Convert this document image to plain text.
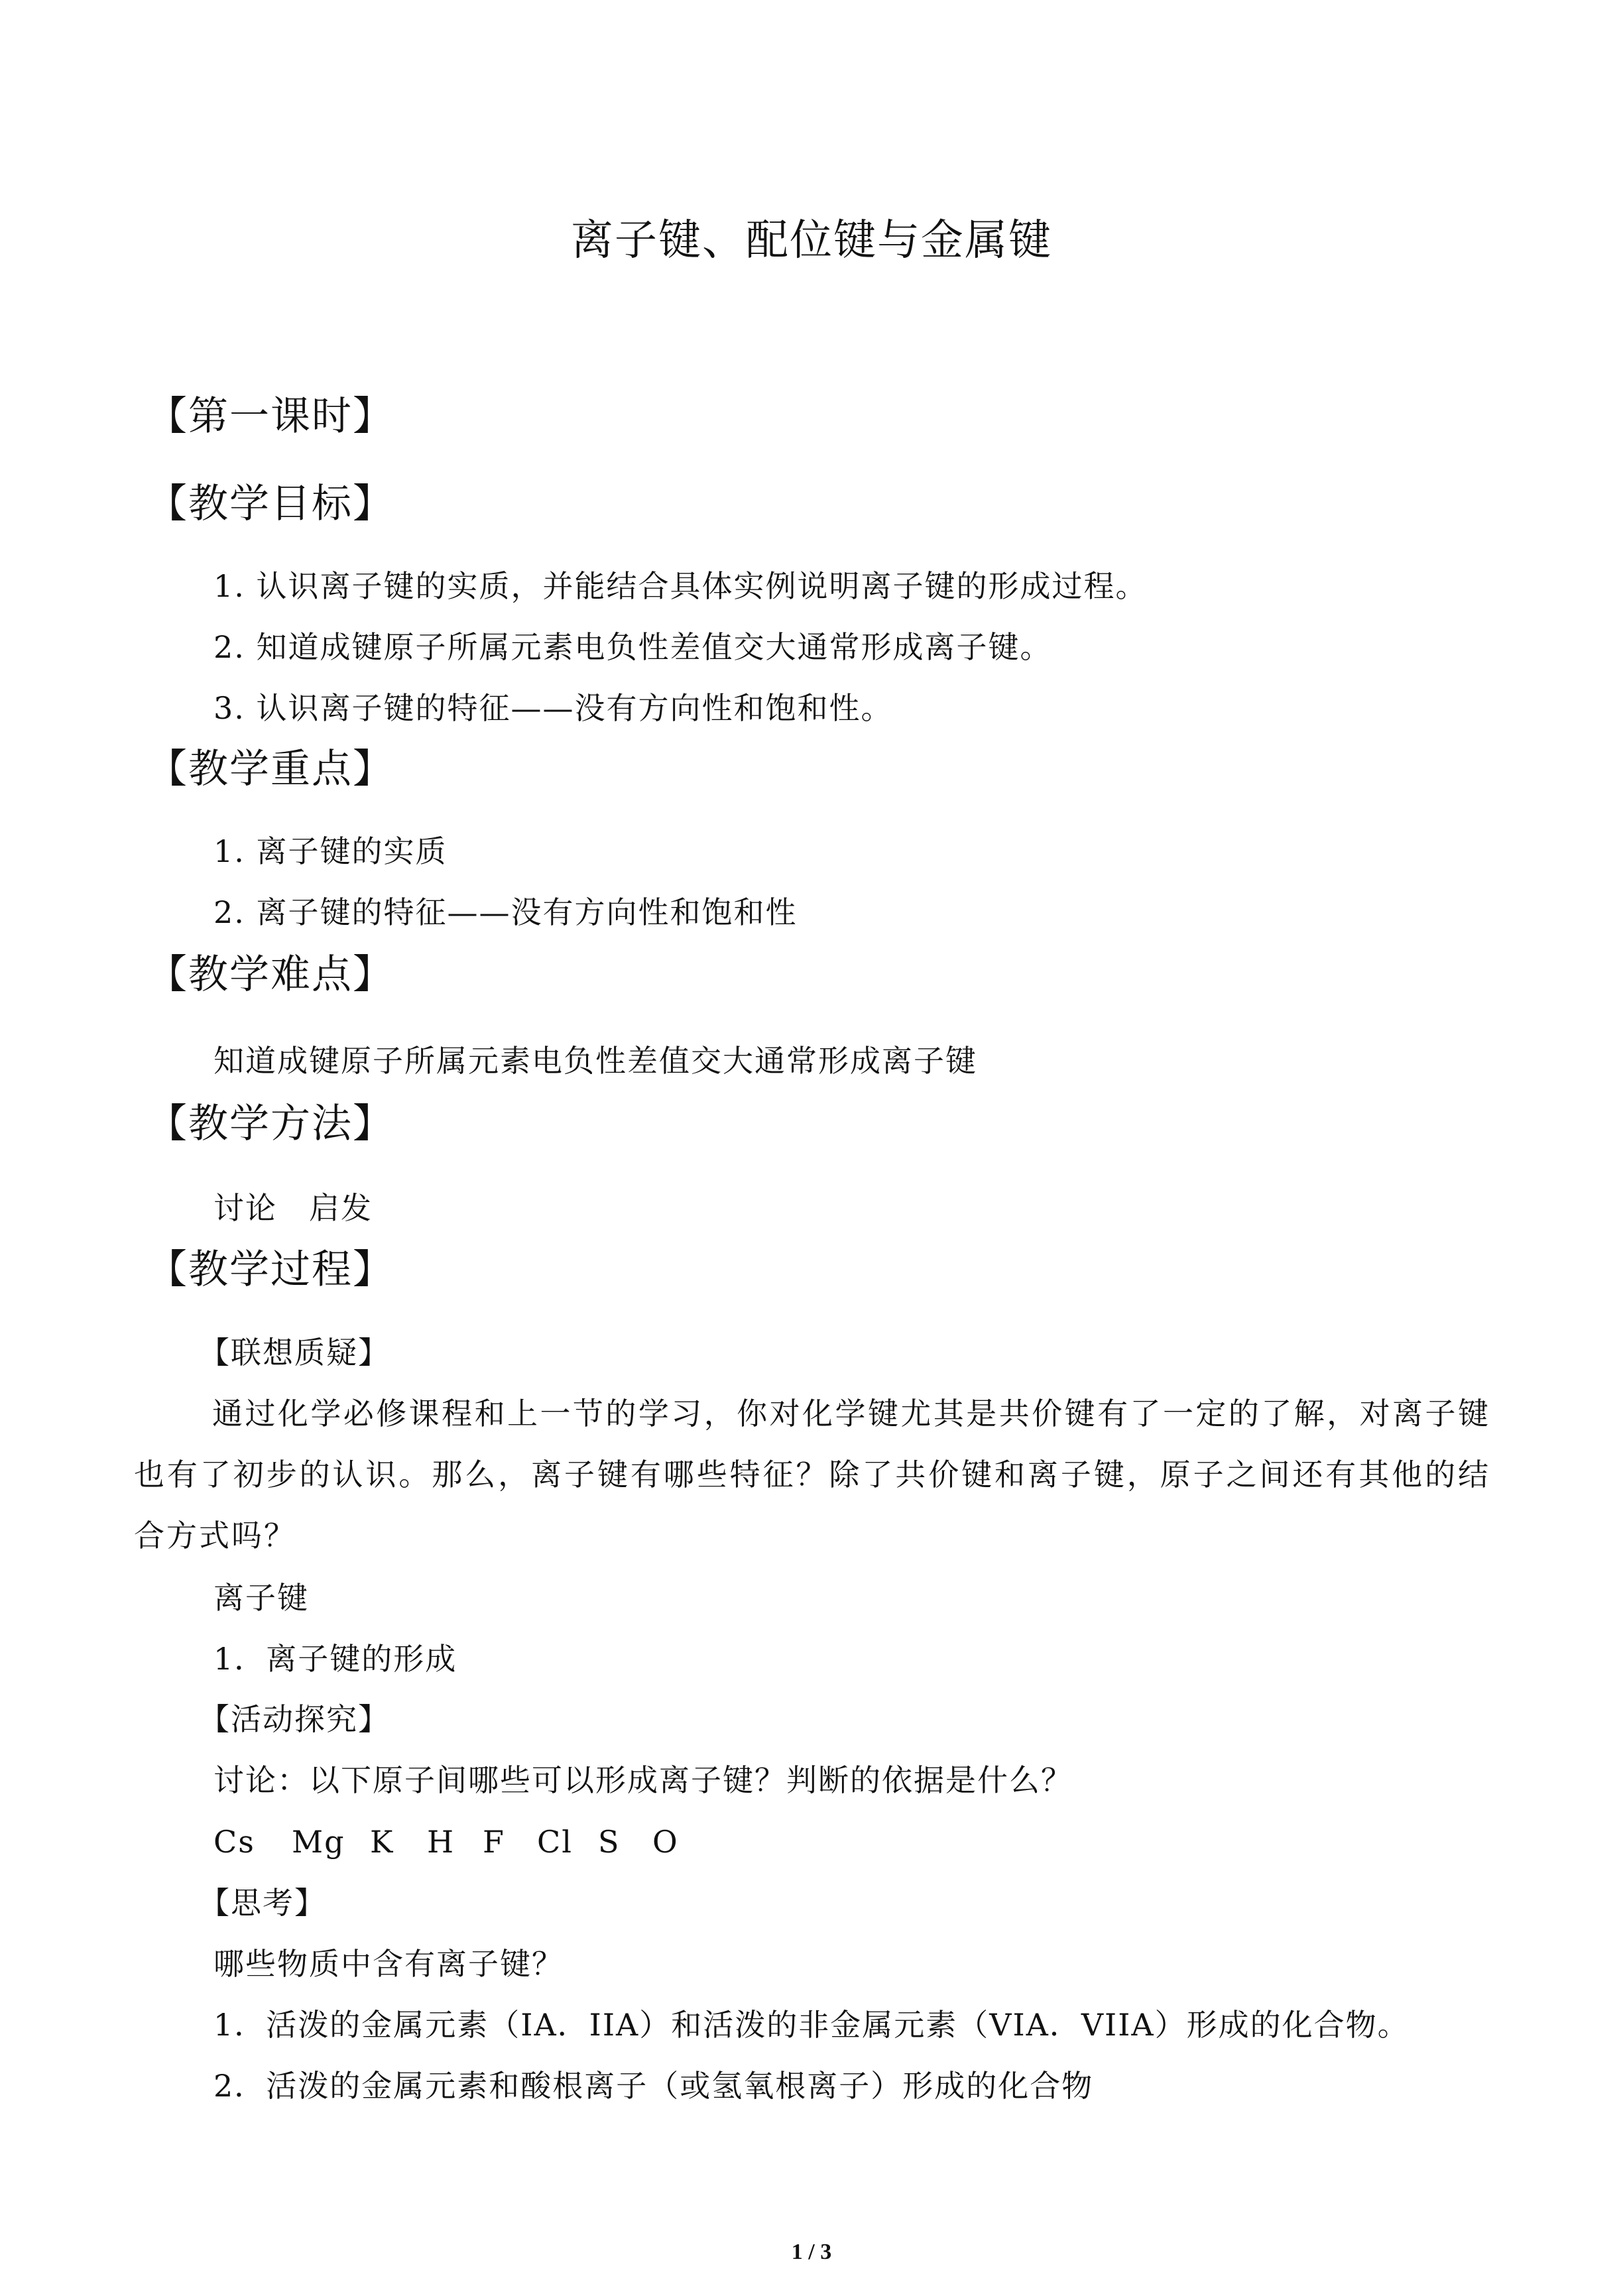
离子键、配位键与金属键
【第一课时】
【教学目标】
1. 认识离子键的实质，并能结合具体实例说明离子键的形成过程。
2. 知道成键原子所属元素电负性差值交大通常形成离子键。
3. 认识离子键的特征——没有方向性和饱和性。
【教学重点】
1. 离子键的实质
2. 离子键的特征——没有方向性和饱和性
【教学难点】
知道成键原子所属元素电负性差值交大通常形成离子键
【教学方法】
讨论　启发
【教学过程】
【联想质疑】
通过化学必修课程和上一节的学习，你对化学键尤其是共价键有了一定的了解，对离子键也有了初步的认识。那么，离子键有哪些特征？除了共价键和离子键，原子之间还有其他的结合方式吗？
离子键
1．离子键的形成
【活动探究】
讨论：以下原子间哪些可以形成离子键？判断的依据是什么？
Cs Mg K H F Cl S O
【思考】
哪些物质中含有离子键？
1．活泼的金属元素（IA．IIA）和活泼的非金属元素（VIA．VIIA）形成的化合物。
2．活泼的金属元素和酸根离子（或氢氧根离子）形成的化合物
1 / 3
